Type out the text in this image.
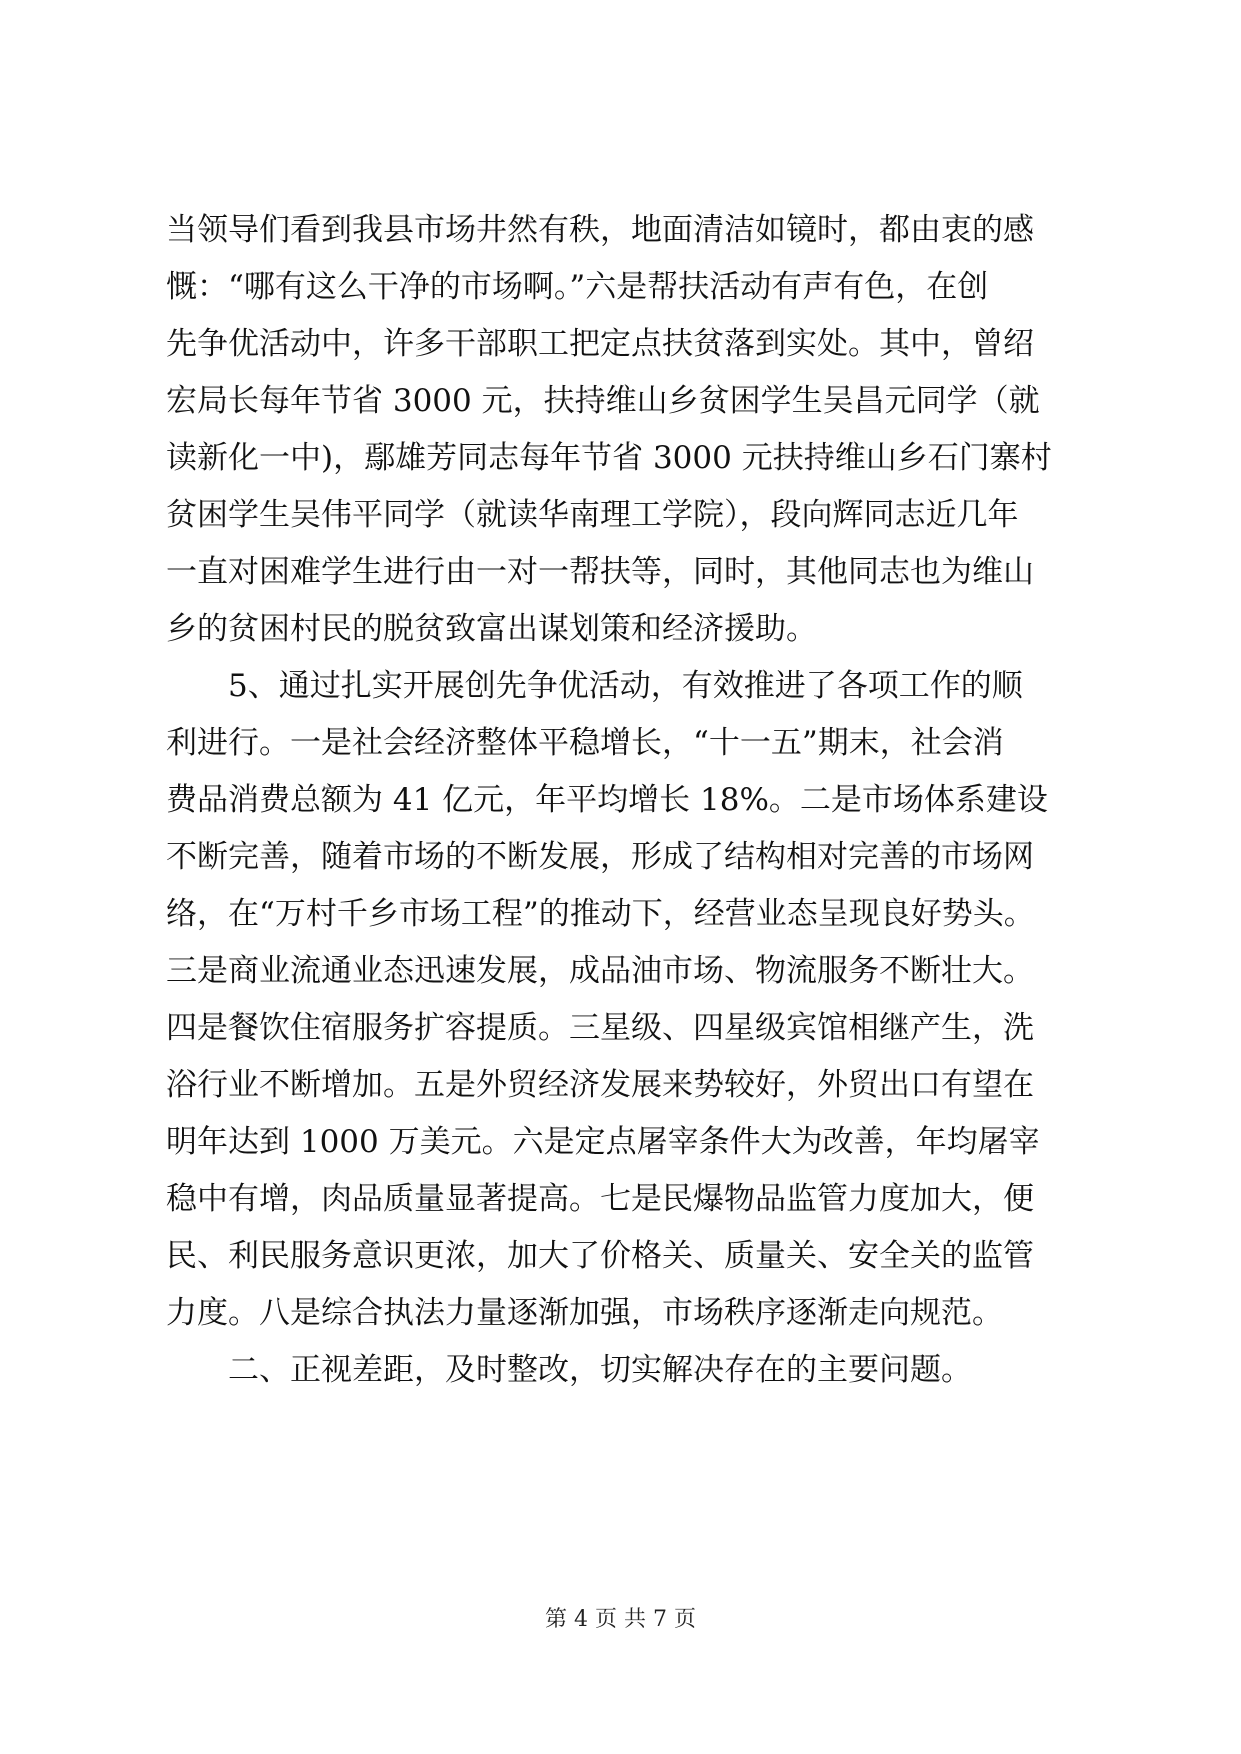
当领导们看到我县市场井然有秩，地面清洁如镜时，都由衷的感
慨：“哪有这么干净的市场啊。”六是帮扶活动有声有色，在创
先争优活动中，许多干部职工把定点扶贫落到实处。其中，曾绍
宏局长每年节省 3000 元，扶持维山乡贫困学生吴昌元同学（就
读新化一中)，鄢雄芳同志每年节省 3000 元扶持维山乡石门寨村
贫困学生吴伟平同学（就读华南理工学院），段向辉同志近几年
一直对困难学生进行由一对一帮扶等，同时，其他同志也为维山
乡的贫困村民的脱贫致富出谋划策和经济援助。
5、通过扎实开展创先争优活动，有效推进了各项工作的顺
利进行。一是社会经济整体平稳增长，“十一五”期末，社会消
费品消费总额为 41 亿元，年平均增长 18%。二是市场体系建设
不断完善，随着市场的不断发展，形成了结构相对完善的市场网
络，在“万村千乡市场工程”的推动下，经营业态呈现良好势头。
三是商业流通业态迅速发展，成品油市场、物流服务不断壮大。
四是餐饮住宿服务扩容提质。三星级、四星级宾馆相继产生，洗
浴行业不断增加。五是外贸经济发展来势较好，外贸出口有望在
明年达到 1000 万美元。六是定点屠宰条件大为改善，年均屠宰
稳中有增，肉品质量显著提高。七是民爆物品监管力度加大，便
民、利民服务意识更浓，加大了价格关、质量关、安全关的监管
力度。八是综合执法力量逐渐加强，市场秩序逐渐走向规范。
二、正视差距，及时整改，切实解决存在的主要问题。
第 4 页 共 7 页
